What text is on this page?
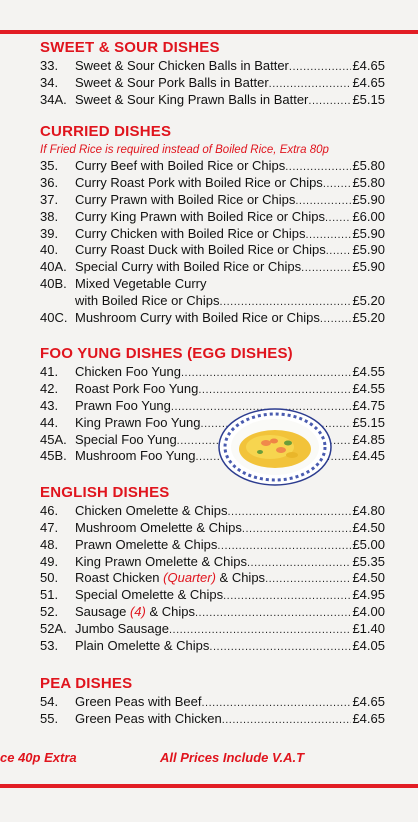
SWEET & SOUR DISHES
33.	Sweet & Sour Chicken Balls in Batter .....	£4.65
34.	Sweet & Sour Pork Balls in Batter .....	£4.65
34A. Sweet & Sour King Prawn Balls in Batter .....	£5.15
CURRIED DISHES
If Fried Rice is required instead of Boiled Rice, Extra 80p
35.	Curry Beef with Boiled Rice or Chips .....	£5.80
36.	Curry Roast Pork with Boiled Rice or Chips ..... £5.80
37.	Curry Prawn with Boiled Rice or Chips .....	£5.90
38.	Curry King Prawn with Boiled Rice or Chips ..... £6.00
39.	Curry Chicken with Boiled Rice or Chips .....	£5.90
40.	Curry Roast Duck with Boiled Rice or Chips ..... £5.90
40A. Special Curry with Boiled Rice or Chips .....	£5.90
40B. Mixed Vegetable Curry
with Boiled Rice or Chips .....	£5.20
40C. Mushroom Curry with Boiled Rice or Chips .....	£5.20
FOO YUNG DISHES (EGG DISHES)
41.	Chicken Foo Yung .....	£4.55
42.	Roast Pork Foo Yung .....	£4.55
43.	Prawn Foo Yung .....	£4.75
44.	King Prawn Foo Yung .....	£5.15
45A. Special Foo Yung .....	£4.85
45B. Mushroom Foo Yung .....	£4.45
ENGLISH DISHES
46.	Chicken Omelette & Chips .....	£4.80
47.	Mushroom Omelette & Chips .....	£4.50
48.	Prawn Omelette & Chips .....	£5.00
49.	King Prawn Omelette & Chips .....	£5.35
50.	Roast Chicken (Quarter) & Chips .....	£4.50
51.	Special Omelette & Chips .....	£4.95
52.	Sausage (4) & Chips .....	£4.00
52A. Jumbo Sausage .....	£1.40
53.	Plain Omelette & Chips .....	£4.05
PEA DISHES
54.	Green Peas with Beef .....	£4.65
55.	Green Peas with Chicken .....	£4.65
ce 40p Extra	All Prices Include V.A.T
